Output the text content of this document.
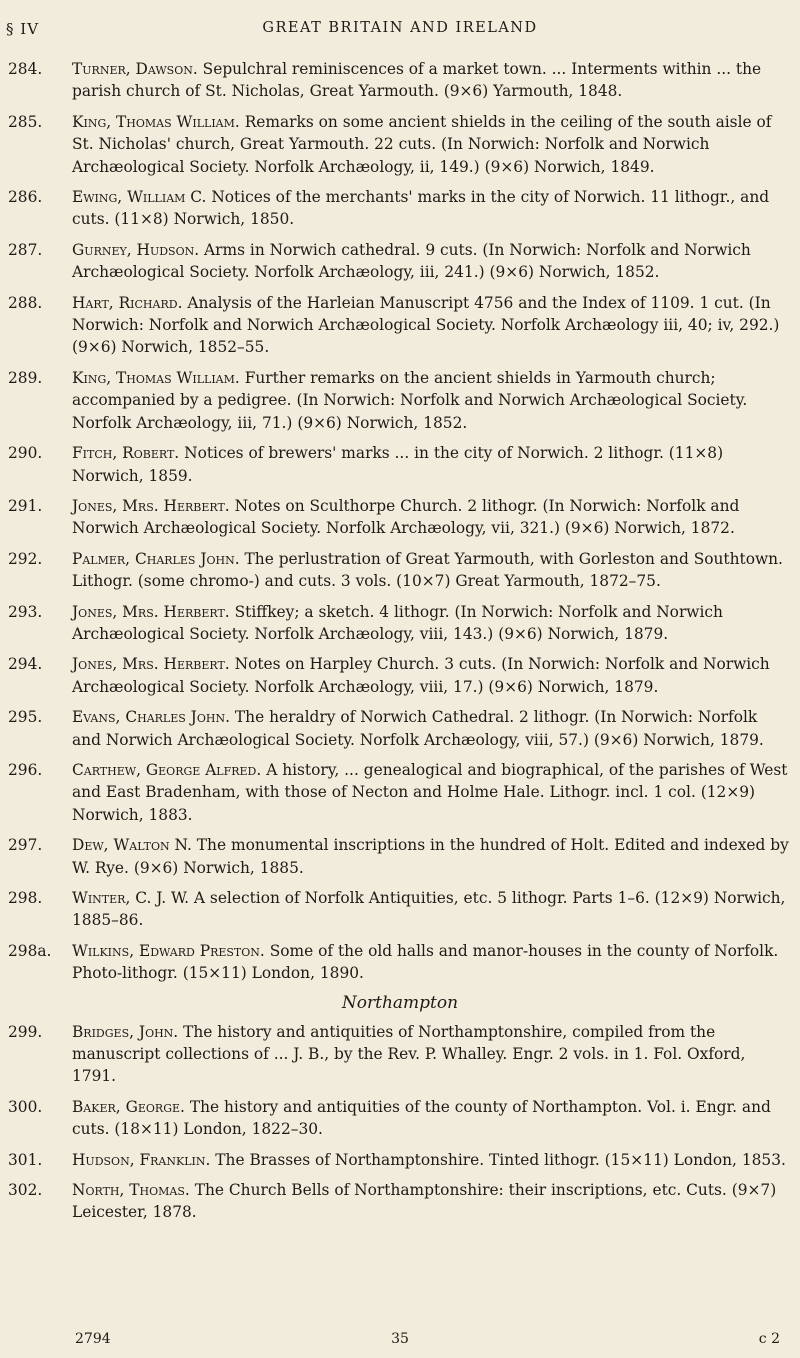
§ IV	GREAT BRITAIN AND IRELAND
284.	Turner, Dawson. Sepulchral reminiscences of a market town. ... Interments within ... the parish church of St. Nicholas, Great Yarmouth. (9×6) Yarmouth, 1848.
285.	King, Thomas William. Remarks on some ancient shields in the ceiling of the south aisle of St. Nicholas' church, Great Yarmouth. 22 cuts. (In Norwich: Norfolk and Norwich Archæological Society. Norfolk Archæology, ii, 149.) (9×6) Norwich, 1849.
286.	Ewing, William C. Notices of the merchants' marks in the city of Norwich. 11 lithogr., and cuts. (11×8) Norwich, 1850.
287.	Gurney, Hudson. Arms in Norwich cathedral. 9 cuts. (In Norwich: Norfolk and Norwich Archæological Society. Norfolk Archæology, iii, 241.) (9×6) Norwich, 1852.
288.	Hart, Richard. Analysis of the Harleian Manuscript 4756 and the Index of 1109. 1 cut. (In Norwich: Norfolk and Norwich Archæological Society. Norfolk Archæology iii, 40; iv, 292.) (9×6) Norwich, 1852–55.
289.	King, Thomas William. Further remarks on the ancient shields in Yarmouth church; accompanied by a pedigree. (In Norwich: Norfolk and Norwich Archæological Society. Norfolk Archæology, iii, 71.) (9×6) Norwich, 1852.
290.	Fitch, Robert. Notices of brewers' marks ... in the city of Norwich. 2 lithogr. (11×8) Norwich, 1859.
291.	Jones, Mrs. Herbert. Notes on Sculthorpe Church. 2 lithogr. (In Norwich: Norfolk and Norwich Archæological Society. Norfolk Archæology, vii, 321.) (9×6) Norwich, 1872.
292.	Palmer, Charles John. The perlustration of Great Yarmouth, with Gorleston and Southtown. Lithogr. (some chromo-) and cuts. 3 vols. (10×7) Great Yarmouth, 1872–75.
293.	Jones, Mrs. Herbert. Stiffkey; a sketch. 4 lithogr. (In Norwich: Norfolk and Norwich Archæological Society. Norfolk Archæology, viii, 143.) (9×6) Norwich, 1879.
294.	Jones, Mrs. Herbert. Notes on Harpley Church. 3 cuts. (In Norwich: Norfolk and Norwich Archæological Society. Norfolk Archæology, viii, 17.) (9×6) Norwich, 1879.
295.	Evans, Charles John. The heraldry of Norwich Cathedral. 2 lithogr. (In Norwich: Norfolk and Norwich Archæological Society. Norfolk Archæology, viii, 57.) (9×6) Norwich, 1879.
296.	Carthew, George Alfred. A history, ... genealogical and biographical, of the parishes of West and East Bradenham, with those of Necton and Holme Hale. Lithogr. incl. 1 col. (12×9) Norwich, 1883.
297.	Dew, Walton N. The monumental inscriptions in the hundred of Holt. Edited and indexed by W. Rye. (9×6) Norwich, 1885.
298.	Winter, C. J. W. A selection of Norfolk Antiquities, etc. 5 lithogr. Parts 1–6. (12×9) Norwich, 1885–86.
298a.	Wilkins, Edward Preston. Some of the old halls and manor-houses in the county of Norfolk. Photo-lithogr. (15×11) London, 1890.
Northampton
299.	Bridges, John. The history and antiquities of Northamptonshire, compiled from the manuscript collections of ... J. B., by the Rev. P. Whalley. Engr. 2 vols. in 1. Fol. Oxford, 1791.
300.	Baker, George. The history and antiquities of the county of Northampton. Vol. i. Engr. and cuts. (18×11) London, 1822–30.
301.	Hudson, Franklin. The Brasses of Northamptonshire. Tinted lithogr. (15×11) London, 1853.
302.	North, Thomas. The Church Bells of Northamptonshire: their inscriptions, etc. Cuts. (9×7) Leicester, 1878.
2794	35	c 2
